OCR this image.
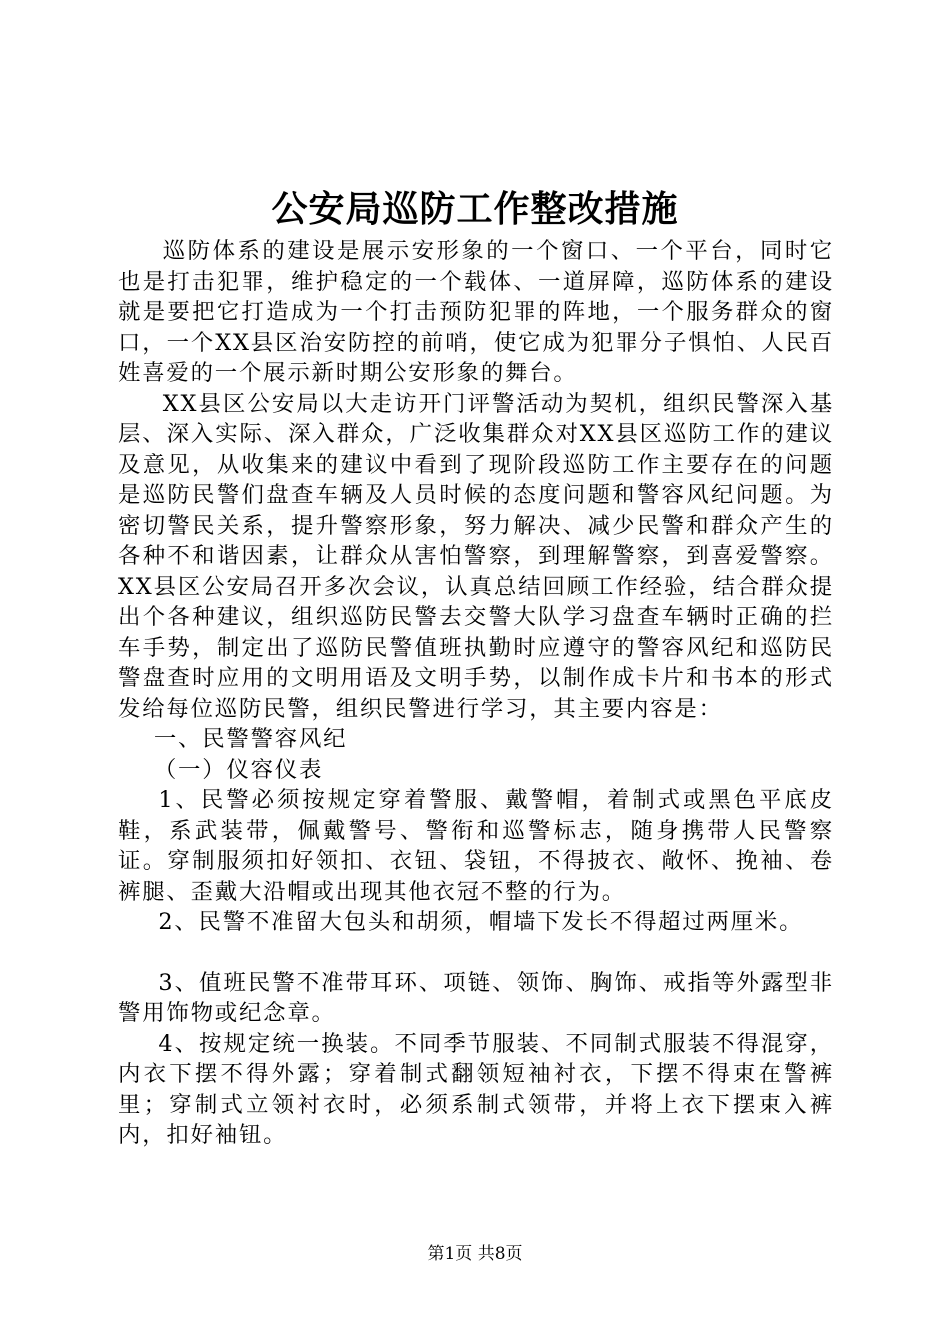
公安局巡防工作整改措施

巡防体系的建设是展示安形象的一个窗口、一个平台，同时它也是打击犯罪，维护稳定的一个载体、一道屏障，巡防体系的建设就是要把它打造成为一个打击预防犯罪的阵地，一个服务群众的窗口，一个XX县区治安防控的前哨，使它成为犯罪分子惧怕、人民百姓喜爱的一个展示新时期公安形象的舞台。

XX县区公安局以大走访开门评警活动为契机，组织民警深入基层、深入实际、深入群众，广泛收集群众对XX县区巡防工作的建议及意见，从收集来的建议中看到了现阶段巡防工作主要存在的问题是巡防民警们盘查车辆及人员时候的态度问题和警容风纪问题。为密切警民关系，提升警察形象，努力解决、减少民警和群众产生的各种不和谐因素，让群众从害怕警察，到理解警察，到喜爱警察。XX县区公安局召开多次会议，认真总结回顾工作经验，结合群众提出个各种建议，组织巡防民警去交警大队学习盘查车辆时正确的拦车手势，制定出了巡防民警值班执勤时应遵守的警容风纪和巡防民警盘查时应用的文明用语及文明手势，以制作成卡片和书本的形式发给每位巡防民警，组织民警进行学习，其主要内容是：

一、民警警容风纪

（一）仪容仪表

1、民警必须按规定穿着警服、戴警帽，着制式或黑色平底皮鞋，系武装带，佩戴警号、警衔和巡警标志，随身携带人民警察证。穿制服须扣好领扣、衣钮、袋钮，不得披衣、敞怀、挽袖、卷裤腿、歪戴大沿帽或出现其他衣冠不整的行为。

2、民警不准留大包头和胡须，帽墙下发长不得超过两厘米。

3、值班民警不准带耳环、项链、领饰、胸饰、戒指等外露型非警用饰物或纪念章。

4、按规定统一换装。不同季节服装、不同制式服装不得混穿，内衣下摆不得外露；穿着制式翻领短袖衬衣，下摆不得束在警裤里；穿制式立领衬衣时，必须系制式领带，并将上衣下摆束入裤内，扣好袖钮。

第1页 共8页
